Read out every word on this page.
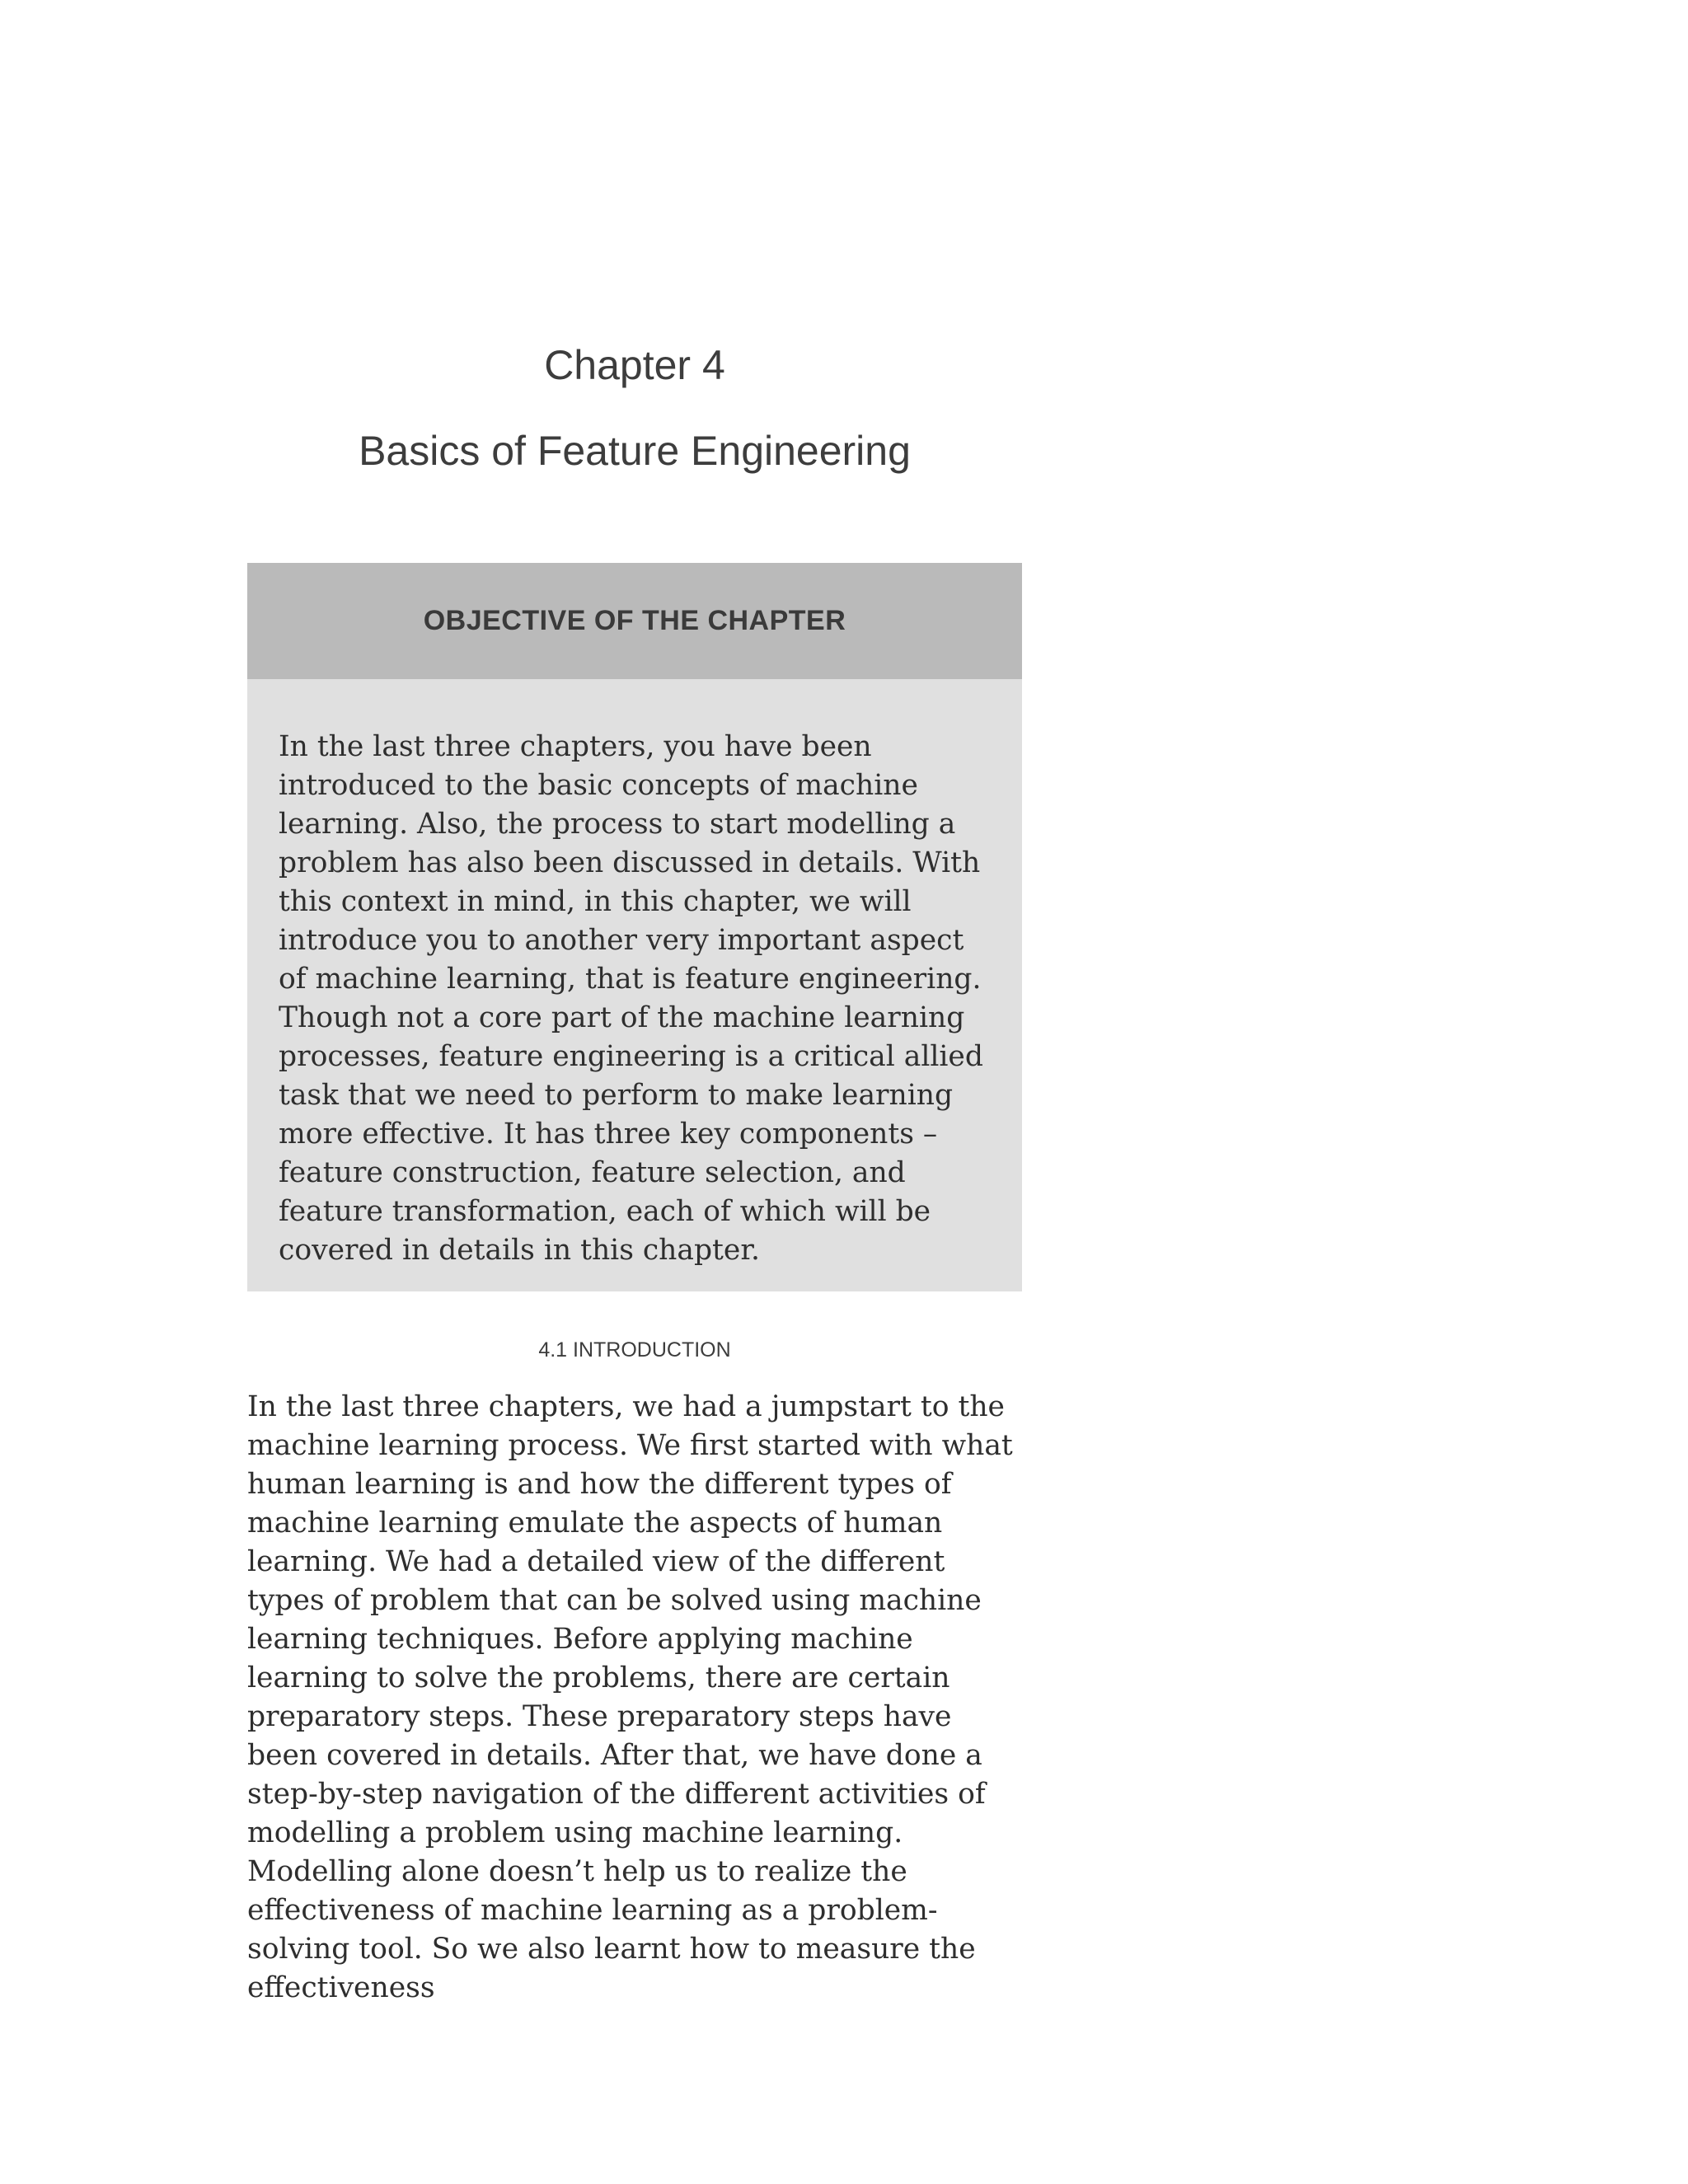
Chapter 4
Basics of Feature Engineering
OBJECTIVE OF THE CHAPTER

In the last three chapters, you have been introduced to the basic concepts of machine learning. Also, the process to start modelling a problem has also been discussed in details. With this context in mind, in this chapter, we will introduce you to another very important aspect of machine learning, that is feature engineering. Though not a core part of the machine learning processes, feature engineering is a critical allied task that we need to perform to make learning more effective. It has three key components – feature construction, feature selection, and feature transformation, each of which will be covered in details in this chapter.

4.1 INTRODUCTION

In the last three chapters, we had a jumpstart to the machine learning process. We first started with what human learning is and how the different types of machine learning emulate the aspects of human learning. We had a detailed view of the different types of problem that can be solved using machine learning techniques. Before applying machine learning to solve the problems, there are certain preparatory steps. These preparatory steps have been covered in details. After that, we have done a step-by-step navigation of the different activities of modelling a problem using machine learning. Modelling alone doesn’t help us to realize the effectiveness of machine learning as a problem- solving tool. So we also learnt how to measure the effectiveness
